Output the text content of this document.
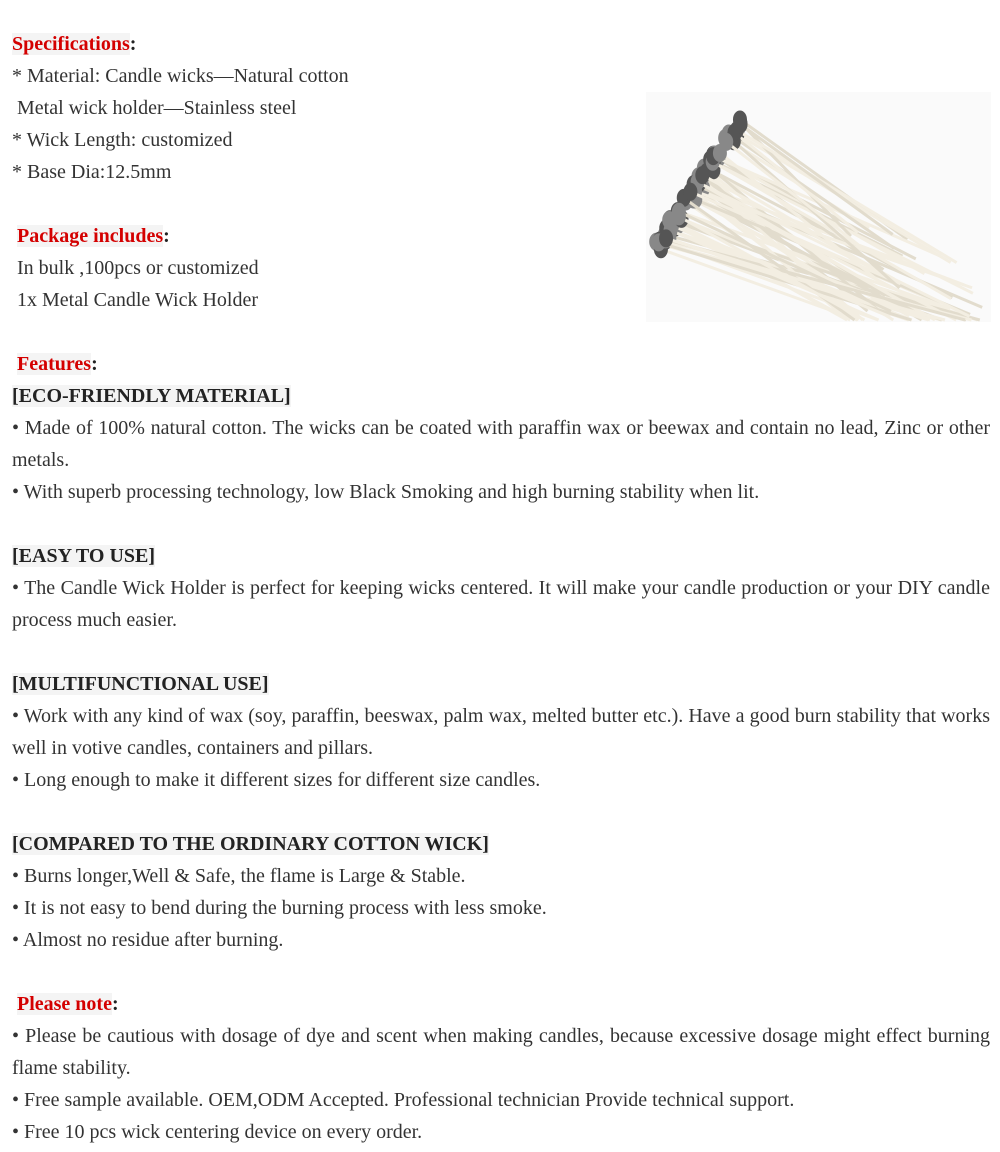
Specifications:
* Material: Candle wicks—Natural cotton
Metal wick holder—Stainless steel
* Wick Length: customized
* Base Dia:12.5mm
Package includes:
In bulk ,100pcs or customized
1x Metal Candle Wick Holder
Features:
[ECO-FRIENDLY MATERIAL]
• Made of 100% natural cotton. The wicks can be coated with paraffin wax or beewax and contain no lead, Zinc or other metals.
• With superb processing technology, low Black Smoking and high burning stability when lit.
[EASY TO USE]
• The Candle Wick Holder is perfect for keeping wicks centered. It will make your candle production or your DIY candle process much easier.
[MULTIFUNCTIONAL USE]
• Work with any kind of wax (soy, paraffin, beeswax, palm wax, melted butter etc.). Have a good burn stability that works well in votive candles, containers and pillars.
• Long enough to make it different sizes for different size candles.
[COMPARED TO THE ORDINARY COTTON WICK]
• Burns longer,Well & Safe, the flame is Large & Stable.
• It is not easy to bend during the burning process with less smoke.
• Almost no residue after burning.
Please note:
• Please be cautious with dosage of dye and scent when making candles, because excessive dosage might effect burning flame stability.
• Free sample available. OEM,ODM Accepted. Professional technician Provide technical support.
• Free 10 pcs wick centering device on every order.
